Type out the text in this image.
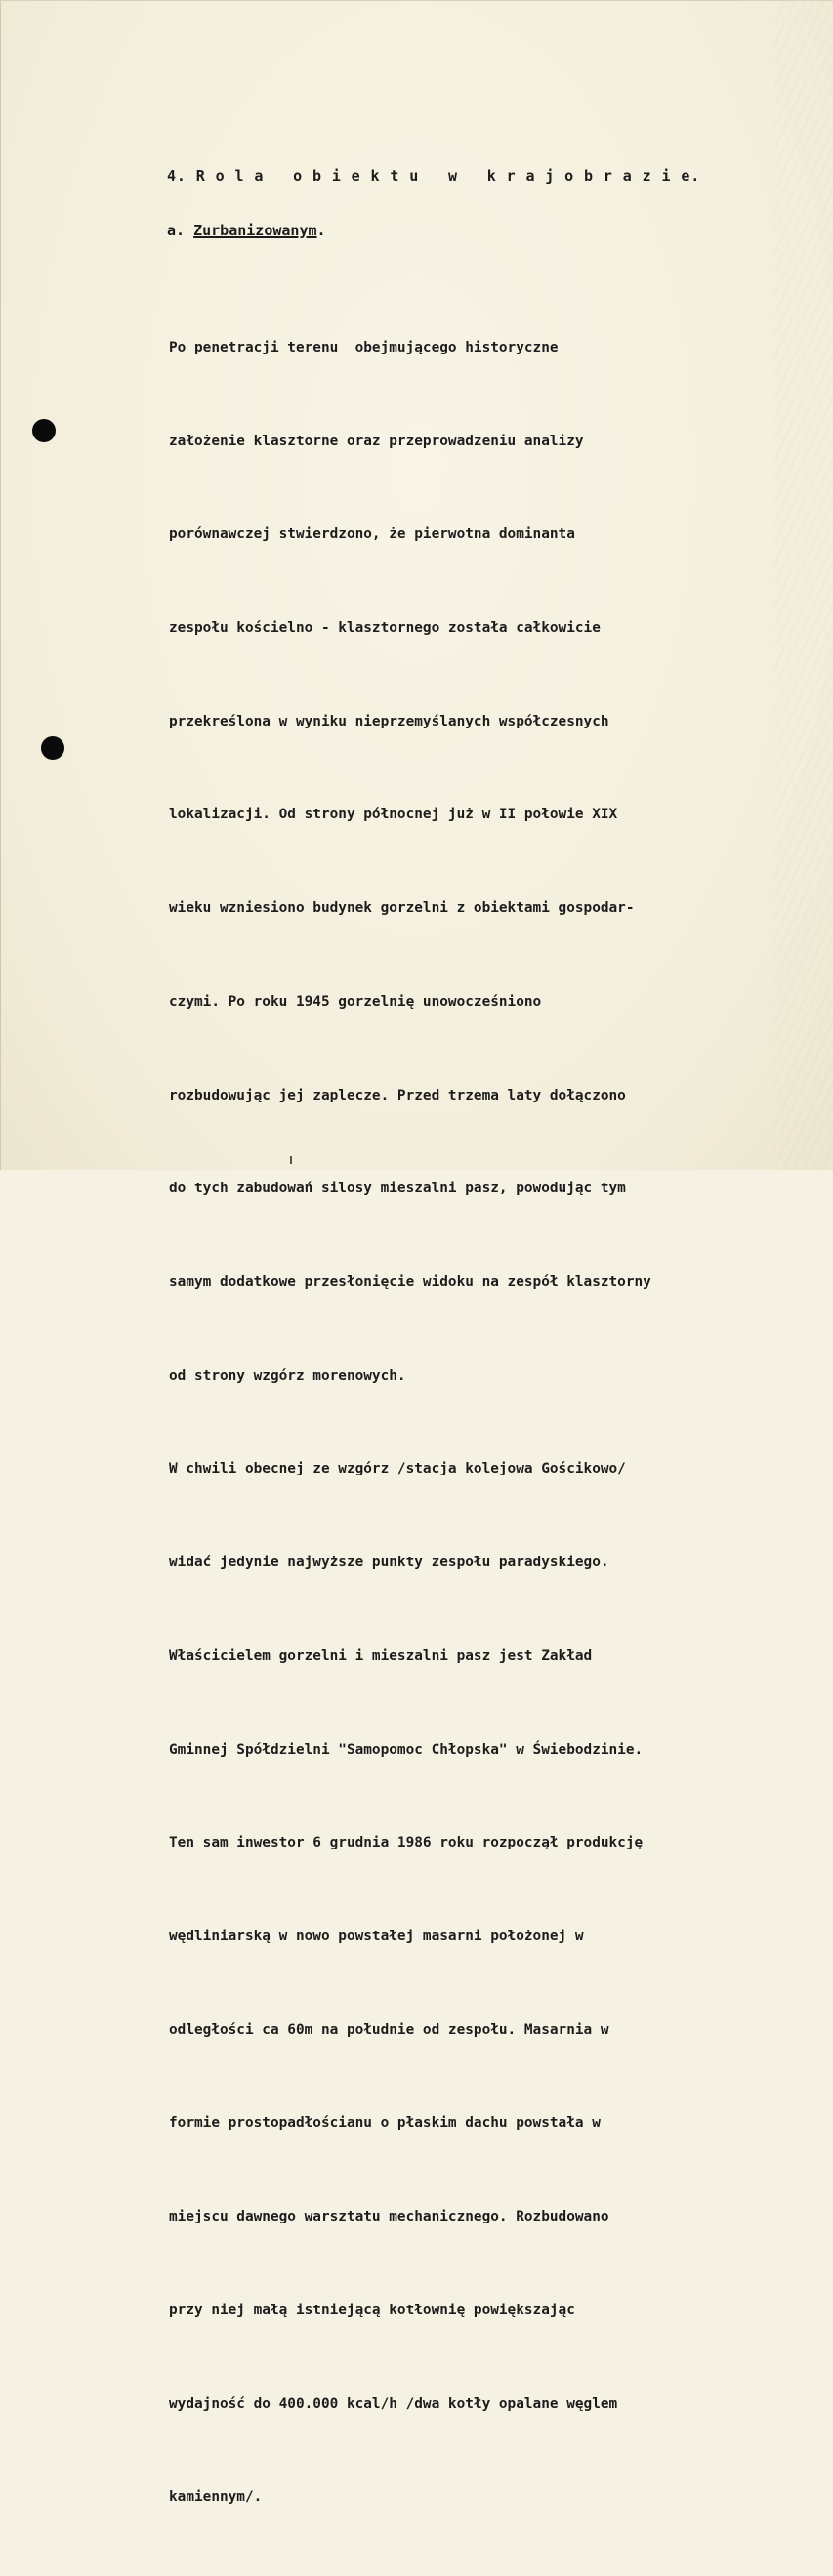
4. R o l a   o b i e k t u   w   k r a j o b r a z i e.
a. Zurbanizowanym.

Po penetracji terenu  obejmującego historyczne

założenie klasztorne oraz przeprowadzeniu analizy

porównawczej stwierdzono, że pierwotna dominanta

zespołu kościelno - klasztornego została całkowicie

przekreślona w wyniku nieprzemyślanych współczesnych

lokalizacji. Od strony północnej już w II połowie XIX

wieku wzniesiono budynek gorzelni z obiektami gospodar-

czymi. Po roku 1945 gorzelnię unowocześniono

rozbudowując jej zaplecze. Przed trzema laty dołączono

do tych zabudowań silosy mieszalni pasz, powodując tym

samym dodatkowe przesłonięcie widoku na zespół klasztorny

od strony wzgórz morenowych.

W chwili obecnej ze wzgórz /stacja kolejowa Gościkowo/

widać jedynie najwyższe punkty zespołu paradyskiego.

Właścicielem gorzelni i mieszalni pasz jest Zakład

Gminnej Spółdzielni "Samopomoc Chłopska" w Świebodzinie.

Ten sam inwestor 6 grudnia 1986 roku rozpoczął produkcję

wędliniarską w nowo powstałej masarni położonej w

odległości ca 60m na południe od zespołu. Masarnia w

formie prostopadłościanu o płaskim dachu powstała w

miejscu dawnego warsztatu mechanicznego. Rozbudowano

przy niej małą istniejącą kotłownię powiększając

wydajność do 400.000 kcal/h /dwa kotły opalane węglem

kamiennym/.
